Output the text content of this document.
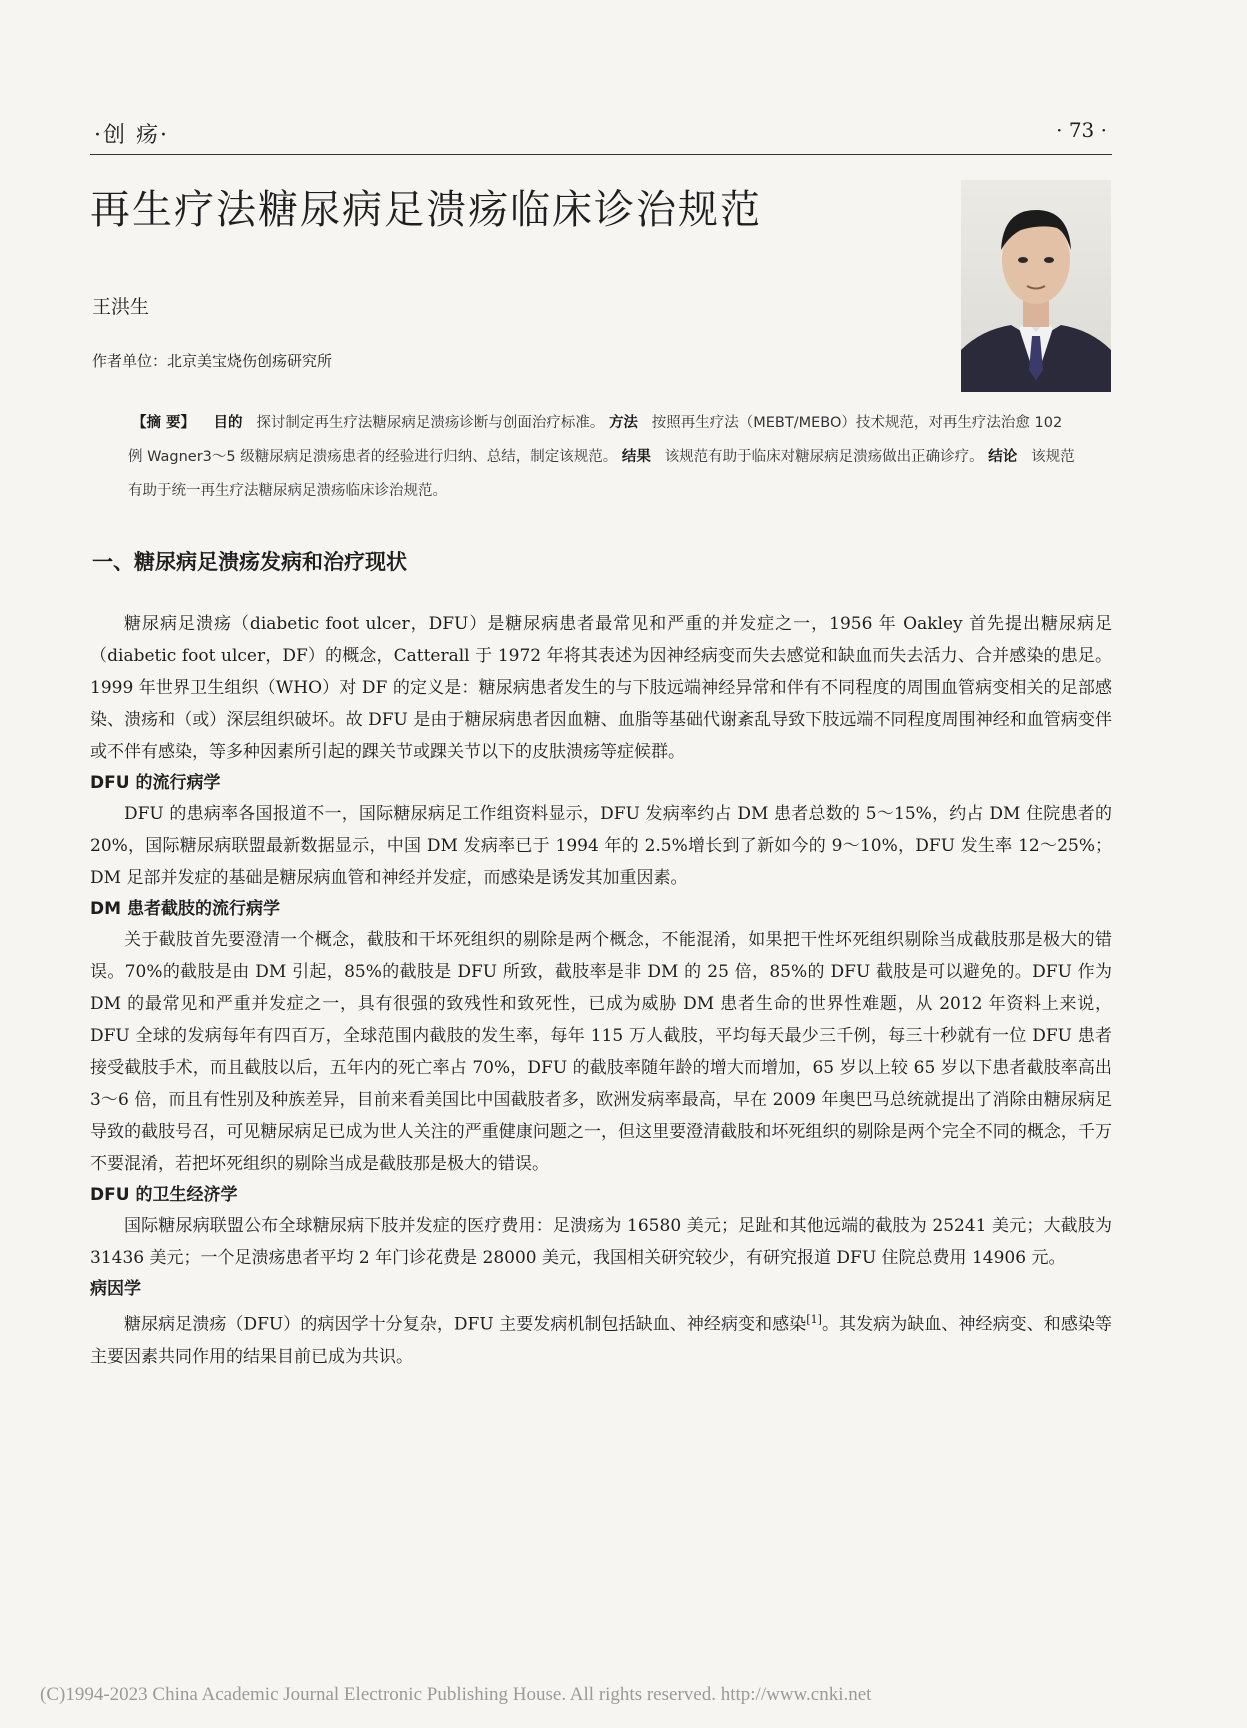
·创 疡·	· 73 ·
再生疗法糖尿病足溃疡临床诊治规范
王洪生
作者单位：北京美宝烧伤创疡研究所
【摘 要】 目的 探讨制定再生疗法糖尿病足溃疡诊断与创面治疗标准。 方法 按照再生疗法（MEBT/MEBO）技术规范，对再生疗法治愈 102 例 Wagner3～5 级糖尿病足溃疡患者的经验进行归纳、总结，制定该规范。 结果 该规范有助于临床对糖尿病足溃疡做出正确诊疗。 结论 该规范有助于统一再生疗法糖尿病足溃疡临床诊治规范。
一、糖尿病足溃疡发病和治疗现状

糖尿病足溃疡（diabetic foot ulcer，DFU）是糖尿病患者最常见和严重的并发症之一，1956 年 Oakley 首先提出糖尿病足（diabetic foot ulcer，DF）的概念，Catterall 于 1972 年将其表述为因神经病变而失去感觉和缺血而失去活力、合并感染的患足。1999 年世界卫生组织（WHO）对 DF 的定义是：糖尿病患者发生的与下肢远端神经异常和伴有不同程度的周围血管病变相关的足部感染、溃疡和（或）深层组织破坏。故 DFU 是由于糖尿病患者因血糖、血脂等基础代谢紊乱导致下肢远端不同程度周围神经和血管病变伴或不伴有感染，等多种因素所引起的踝关节或踝关节以下的皮肤溃疡等症候群。

DFU 的流行病学

DFU 的患病率各国报道不一，国际糖尿病足工作组资料显示，DFU 发病率约占 DM 患者总数的 5～15%，约占 DM 住院患者的 20%，国际糖尿病联盟最新数据显示，中国 DM 发病率已于 1994 年的 2.5%增长到了新如今的 9～10%，DFU 发生率 12～25%；DM 足部并发症的基础是糖尿病血管和神经并发症，而感染是诱发其加重因素。

DM 患者截肢的流行病学

关于截肢首先要澄清一个概念，截肢和干坏死组织的剔除是两个概念，不能混淆，如果把干性坏死组织剔除当成截肢那是极大的错误。70%的截肢是由 DM 引起，85%的截肢是 DFU 所致，截肢率是非 DM 的 25 倍，85%的 DFU 截肢是可以避免的。DFU 作为 DM 的最常见和严重并发症之一，具有很强的致残性和致死性，已成为威胁 DM 患者生命的世界性难题，从 2012 年资料上来说，DFU 全球的发病每年有四百万，全球范围内截肢的发生率，每年 115 万人截肢，平均每天最少三千例，每三十秒就有一位 DFU 患者接受截肢手术，而且截肢以后，五年内的死亡率占 70%，DFU 的截肢率随年龄的增大而增加，65 岁以上较 65 岁以下患者截肢率高出 3～6 倍，而且有性别及种族差异，目前来看美国比中国截肢者多，欧洲发病率最高，早在 2009 年奥巴马总统就提出了消除由糖尿病足导致的截肢号召，可见糖尿病足已成为世人关注的严重健康问题之一，但这里要澄清截肢和坏死组织的剔除是两个完全不同的概念，千万不要混淆，若把坏死组织的剔除当成是截肢那是极大的错误。

DFU 的卫生经济学

国际糖尿病联盟公布全球糖尿病下肢并发症的医疗费用：足溃疡为 16580 美元；足趾和其他远端的截肢为 25241 美元；大截肢为 31436 美元；一个足溃疡患者平均 2 年门诊花费是 28000 美元，我国相关研究较少，有研究报道 DFU 住院总费用 14906 元。

病因学

糖尿病足溃疡（DFU）的病因学十分复杂，DFU 主要发病机制包括缺血、神经病变和感染[1]。其发病为缺血、神经病变、和感染等主要因素共同作用的结果目前已成为共识。

(C)1994-2023 China Academic Journal Electronic Publishing House. All rights reserved. http://www.cnki.net
